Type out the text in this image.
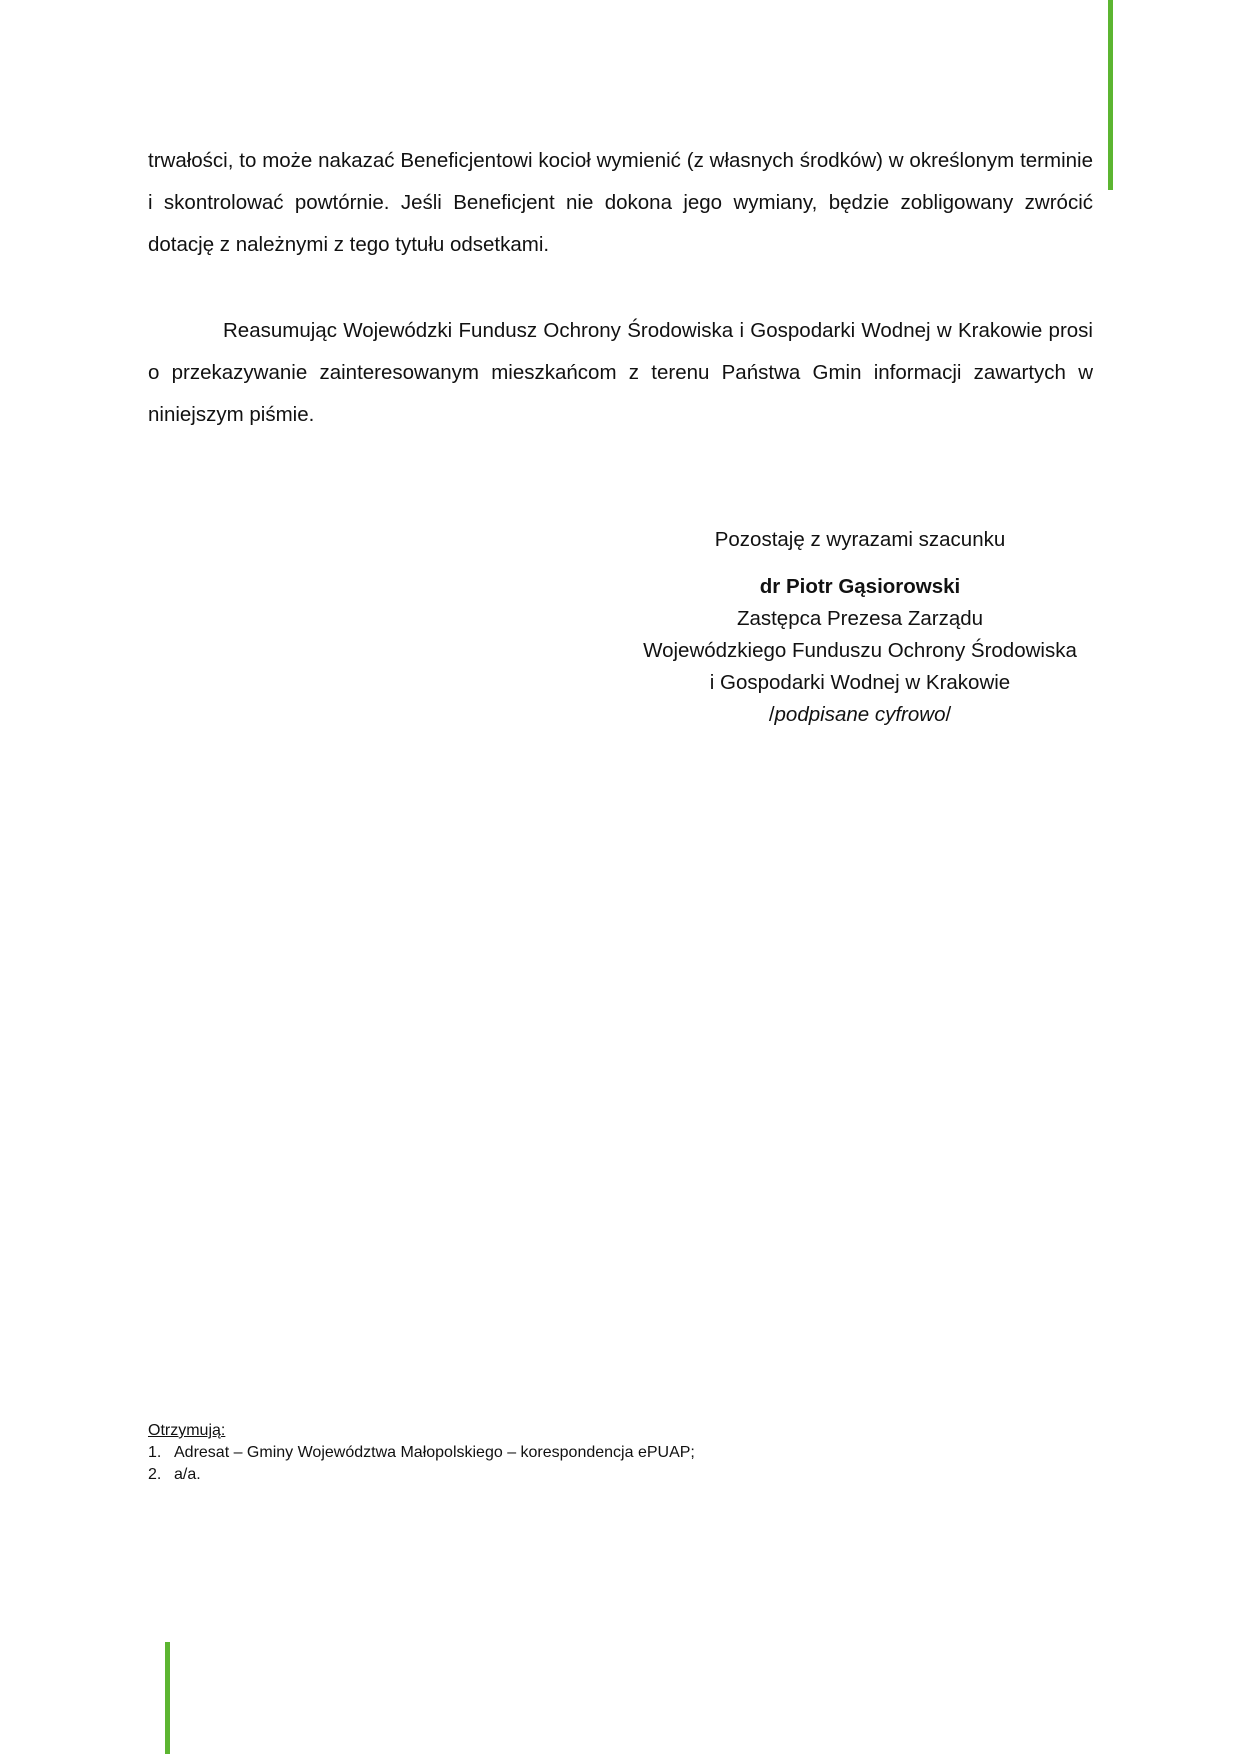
trwałości, to może nakazać Beneficjentowi kocioł wymienić (z własnych środków) w określonym terminie i skontrolować powtórnie. Jeśli Beneficjent nie dokona jego wymiany, będzie zobligowany zwrócić dotację z należnymi z tego tytułu odsetkami.

Reasumując Wojewódzki Fundusz Ochrony Środowiska i Gospodarki Wodnej w Krakowie prosi o przekazywanie zainteresowanym mieszkańcom z terenu Państwa Gmin informacji zawartych w niniejszym piśmie.

Pozostaję z wyrazami szacunku

dr Piotr Gąsiorowski
Zastępca Prezesa Zarządu
Wojewódzkiego Funduszu Ochrony Środowiska
i Gospodarki Wodnej w Krakowie
/podpisane cyfrowo/
Otrzymują:
1. Adresat – Gminy Województwa Małopolskiego – korespondencja ePUAP;
2. a/a.
